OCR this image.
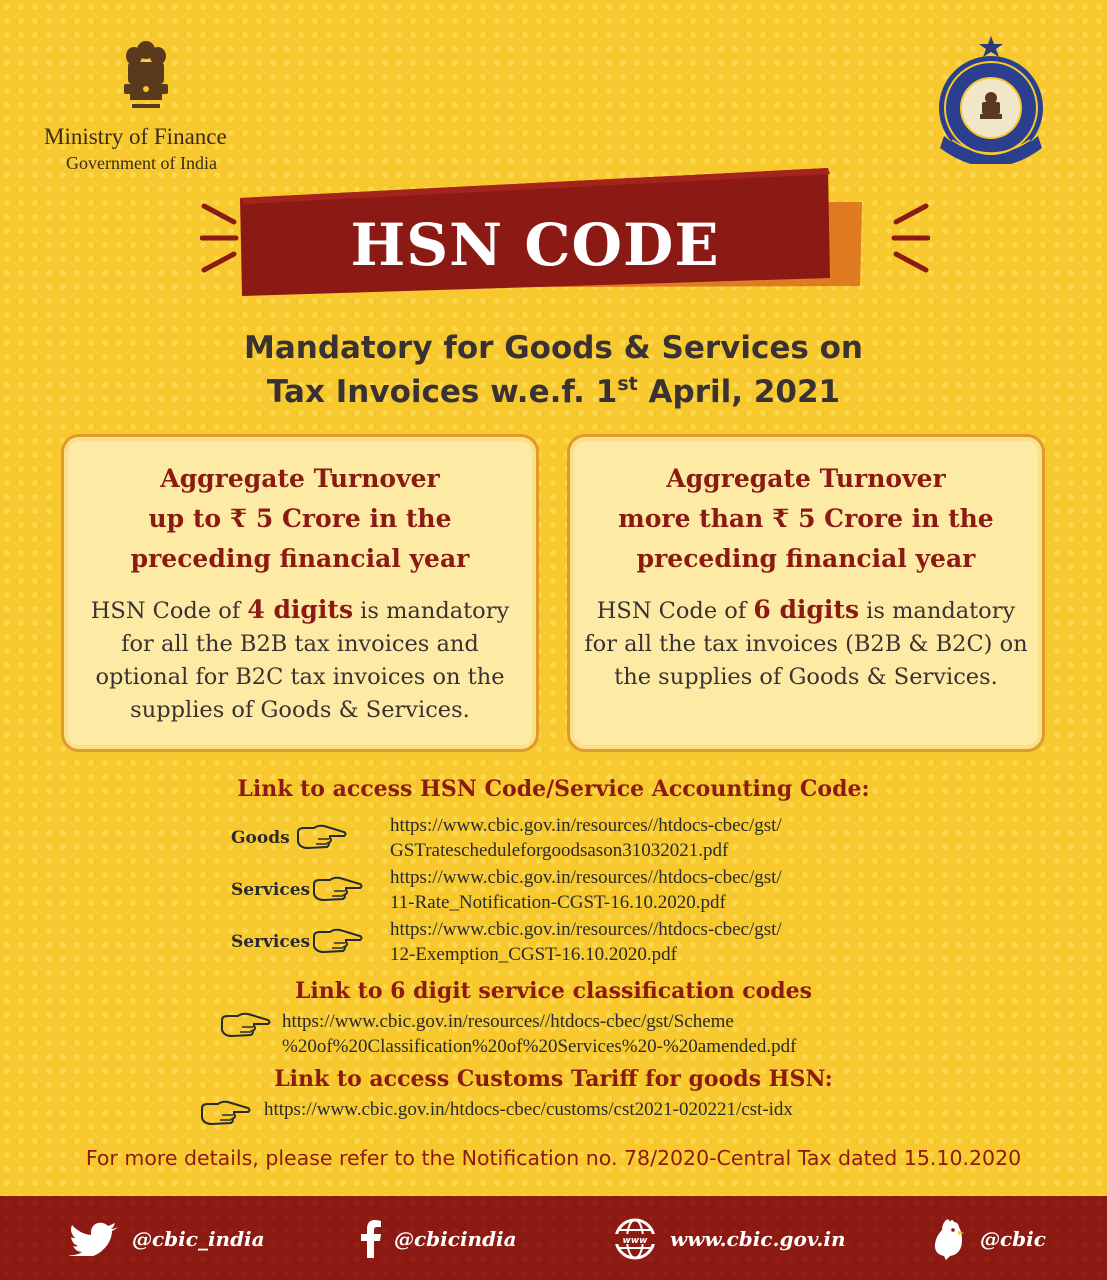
Ministry of Finance
Government of India
HSN CODE
Mandatory for Goods & Services on
Tax Invoices w.e.f. 1st April, 2021
Aggregate Turnover
up to ₹ 5 Crore in the
preceding financial year
HSN Code of 4 digits is mandatory for all the B2B tax invoices and optional for B2C tax invoices on the supplies of Goods & Services.
Aggregate Turnover
more than ₹ 5 Crore in the
preceding financial year
HSN Code of 6 digits is mandatory for all the tax invoices (B2B & B2C) on the supplies of Goods & Services.
Link to access HSN Code/Service Accounting Code:
Goods
https://www.cbic.gov.in/resources//htdocs-cbec/gst/
GSTratescheduleforgoodsason31032021.pdf
Services
https://www.cbic.gov.in/resources//htdocs-cbec/gst/
11-Rate_Notification-CGST-16.10.2020.pdf
Services
https://www.cbic.gov.in/resources//htdocs-cbec/gst/
12-Exemption_CGST-16.10.2020.pdf
Link to 6 digit service classification codes
https://www.cbic.gov.in/resources//htdocs-cbec/gst/Scheme
%20of%20Classification%20of%20Services%20-%20amended.pdf
Link to access Customs Tariff for goods HSN:
https://www.cbic.gov.in/htdocs-cbec/customs/cst2021-020221/cst-idx
For more details, please refer to the Notification no. 78/2020-Central Tax dated 15.10.2020
@cbic_india	@cbicindia	www www.cbic.gov.in	@cbic
